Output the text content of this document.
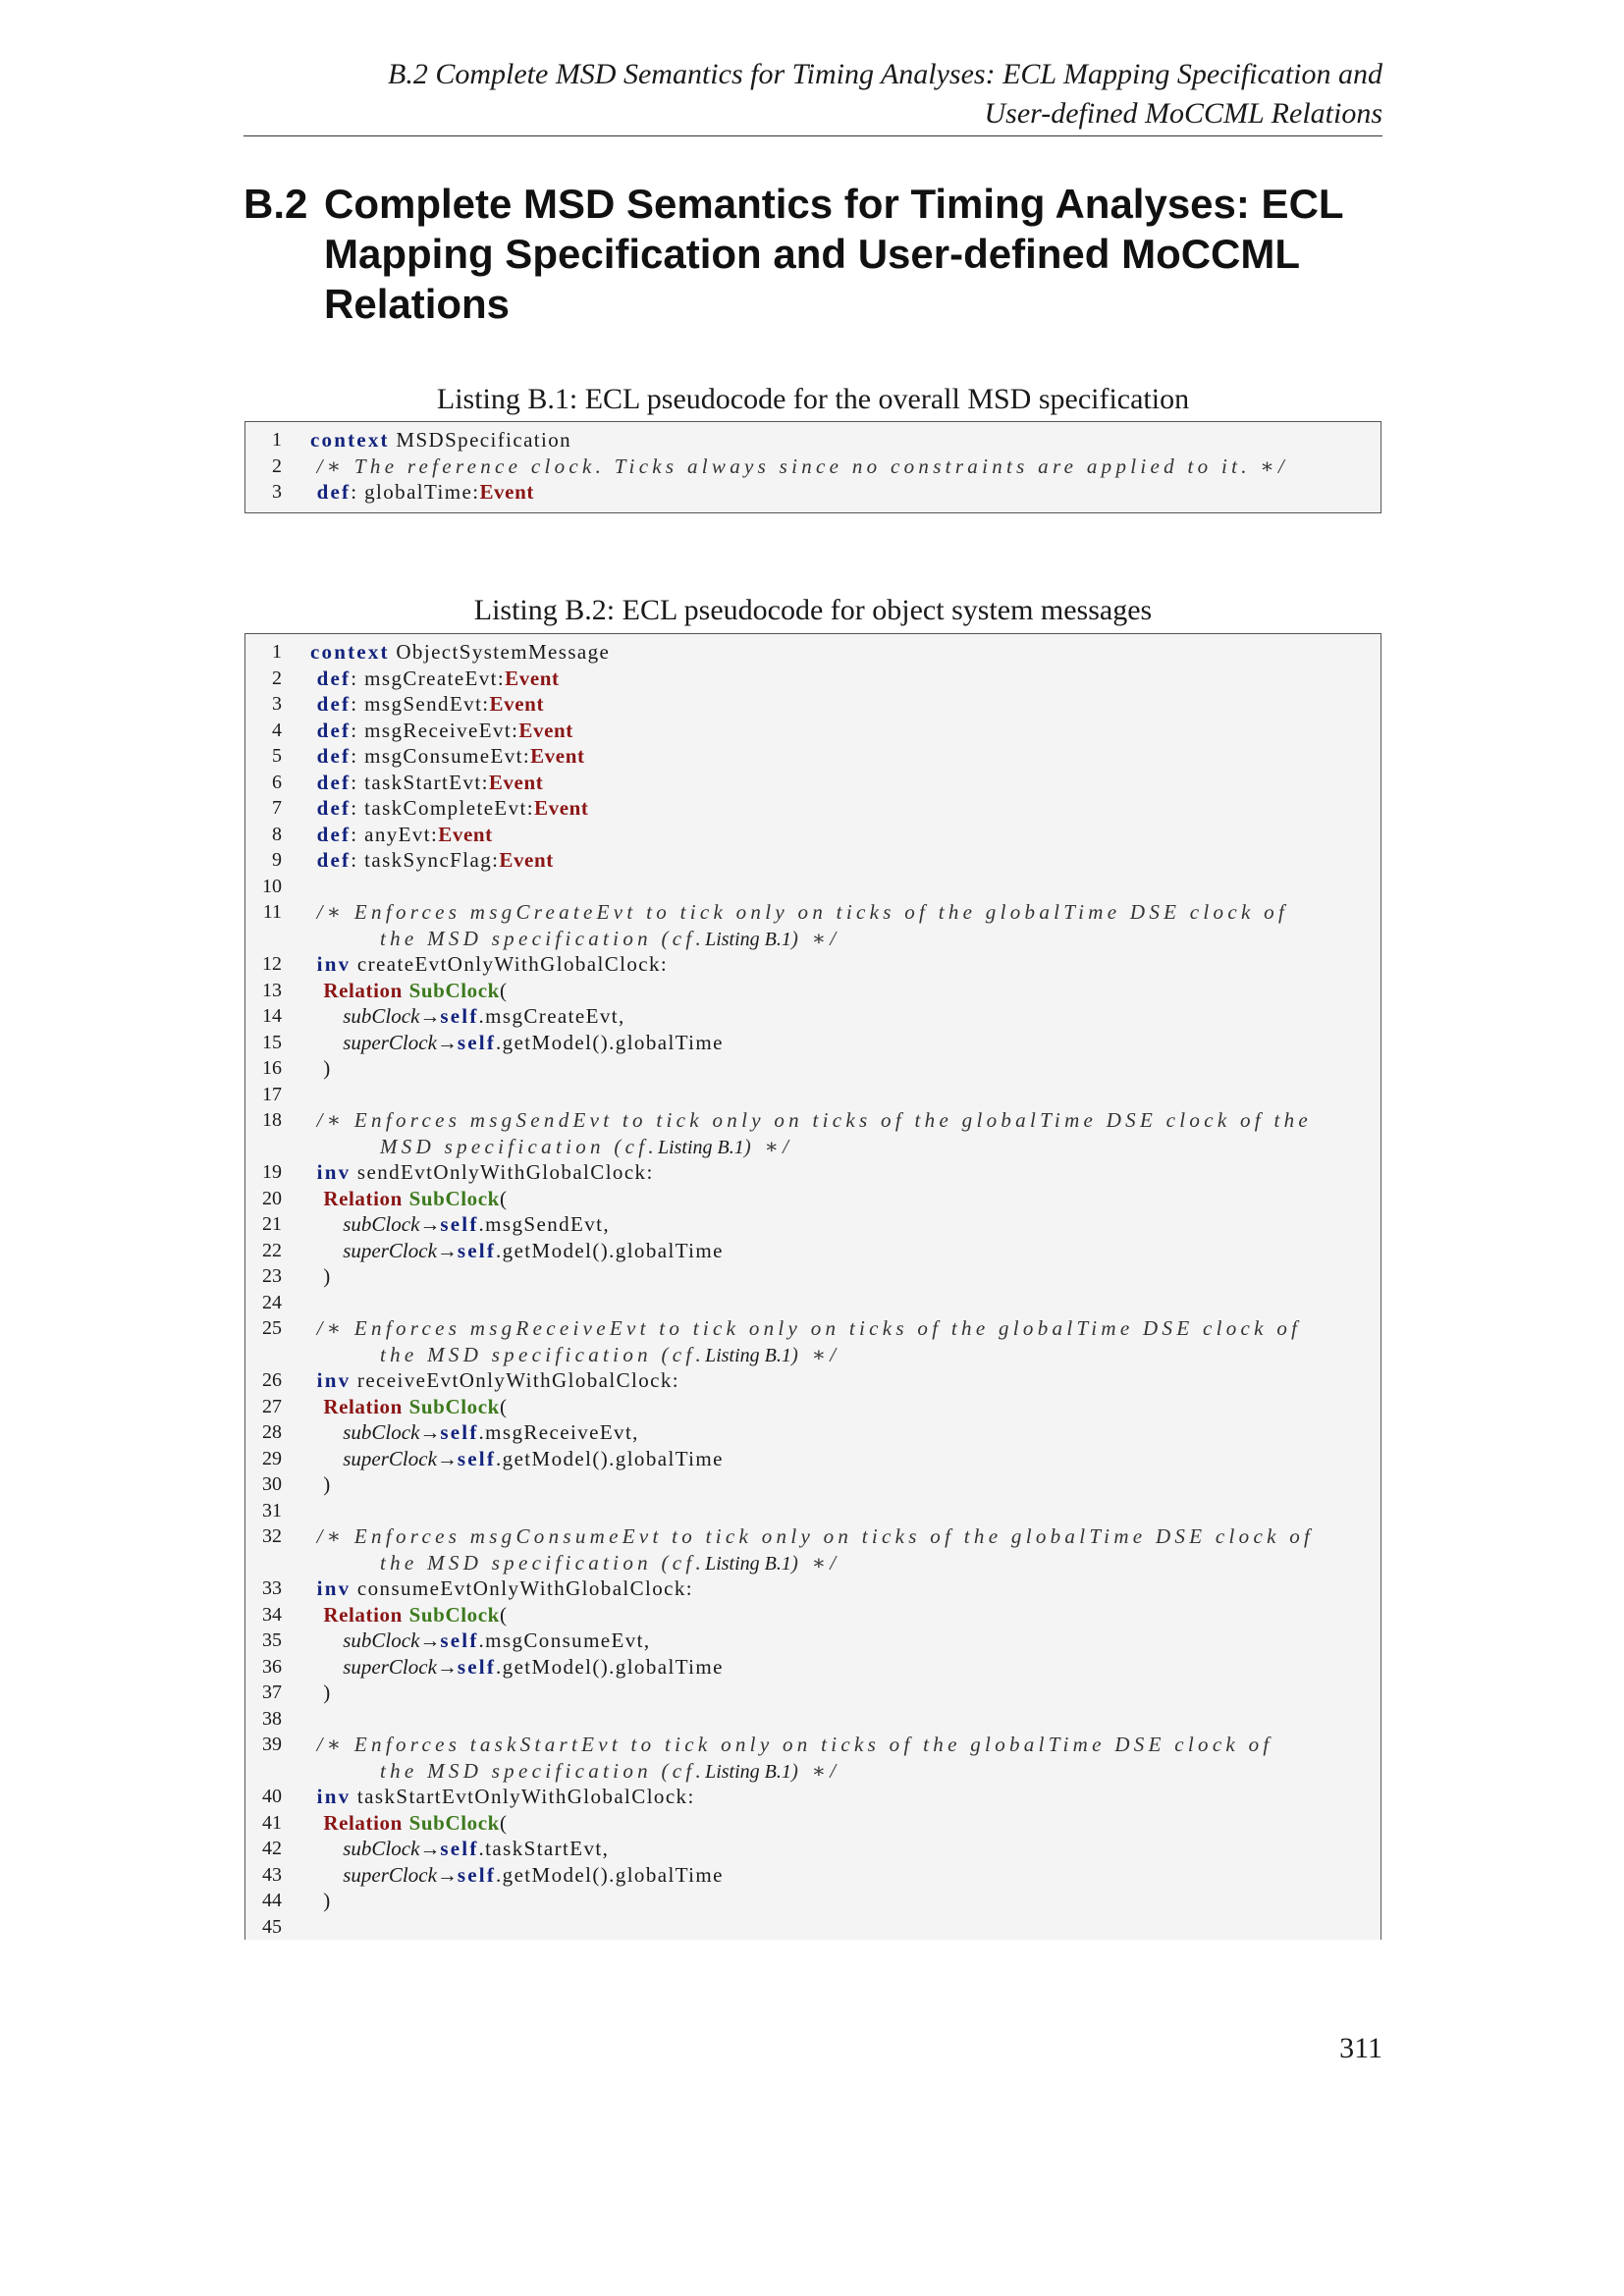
B.2 Complete MSD Semantics for Timing Analyses: ECL Mapping Specification and
User-defined MoCCML Relations
B.2 Complete MSD Semantics for Timing Analyses: ECL Mapping Specification and User-defined MoCCML Relations
Listing B.1: ECL pseudocode for the overall MSD specification
1 context MSDSpecification
2	/∗ The reference clock. Ticks always since no constraints are applied to it. ∗/
3	def: globalTime:Event
Listing B.2: ECL pseudocode for object system messages
1 context ObjectSystemMessage
2	def: msgCreateEvt:Event
3	def: msgSendEvt:Event
4	def: msgReceiveEvt:Event
5	def: msgConsumeEvt:Event
6	def: taskStartEvt:Event
7	def: taskCompleteEvt:Event
8	def: anyEvt:Event
9	def: taskSyncFlag:Event
10
11	/∗ Enforces msgCreateEvt to tick only on ticks of the globalTime DSE clock of
the MSD specification (cf.Listing B.1) ∗/
12	inv createEvtOnlyWithGlobalClock:
13	Relation SubClock(
14	subClock→self.msgCreateEvt,
15	superClock→self.getModel().globalTime
16 )
17
18	/∗ Enforces msgSendEvt to tick only on ticks of the globalTime DSE clock of the
MSD specification (cf.Listing B.1) ∗/
19	inv sendEvtOnlyWithGlobalClock:
20	Relation SubClock(
21	subClock→self.msgSendEvt,
22	superClock→self.getModel().globalTime
23 )
24
25	/∗ Enforces msgReceiveEvt to tick only on ticks of the globalTime DSE clock of
the MSD specification (cf.Listing B.1) ∗/
26	inv receiveEvtOnlyWithGlobalClock:
27	Relation SubClock(
28	subClock→self.msgReceiveEvt,
29	superClock→self.getModel().globalTime
30 )
31
32	/∗ Enforces msgConsumeEvt to tick only on ticks of the globalTime DSE clock of
the MSD specification (cf.Listing B.1) ∗/
33	inv consumeEvtOnlyWithGlobalClock:
34	Relation SubClock(
35	subClock→self.msgConsumeEvt,
36	superClock→self.getModel().globalTime
37 )
38
39	/∗ Enforces taskStartEvt to tick only on ticks of the globalTime DSE clock of
the MSD specification (cf.Listing B.1) ∗/
40	inv taskStartEvtOnlyWithGlobalClock:
41	Relation SubClock(
42	subClock→self.taskStartEvt,
43	superClock→self.getModel().globalTime
44 )
45
311
